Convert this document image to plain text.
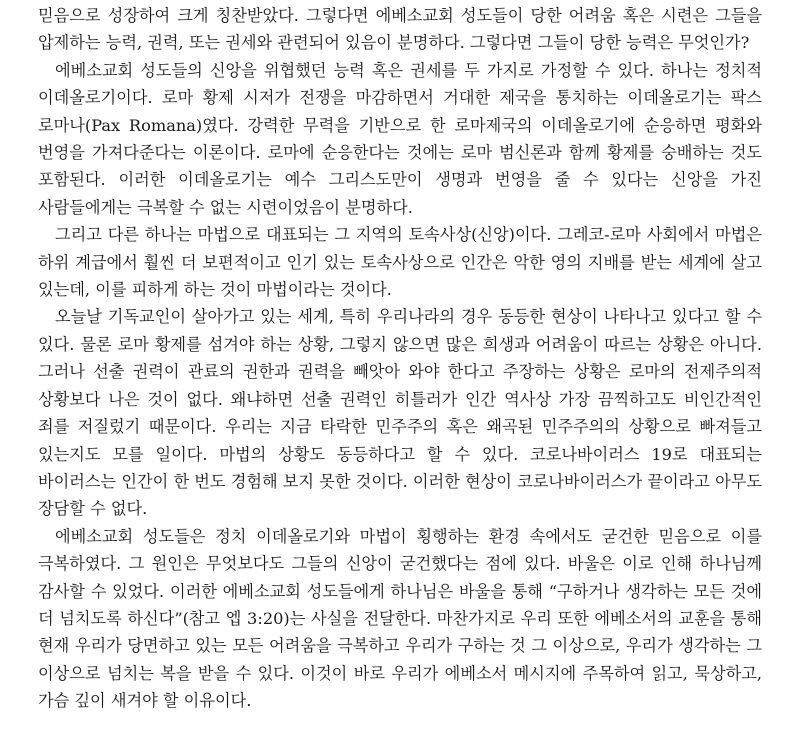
믿음으로 성장하여 크게 칭찬받았다. 그렇다면 에베소교회 성도들이 당한 어려움 혹은 시련은 그들을 압제하는 능력, 권력, 또는 권세와 관련되어 있음이 분명하다. 그렇다면 그들이 당한 능력은 무엇인가?

에베소교회 성도들의 신앙을 위협했던 능력 혹은 권세를 두 가지로 가정할 수 있다. 하나는 정치적 이데올로기이다. 로마 황제 시저가 전쟁을 마감하면서 거대한 제국을 통치하는 이데올로기는 팍스 로마나(Pax Romana)였다. 강력한 무력을 기반으로 한 로마제국의 이데올로기에 순응하면 평화와 번영을 가져다준다는 이론이다. 로마에 순응한다는 것에는 로마 범신론과 함께 황제를 숭배하는 것도 포함된다. 이러한 이데올로기는 예수 그리스도만이 생명과 번영을 줄 수 있다는 신앙을 가진 사람들에게는 극복할 수 없는 시련이었음이 분명하다.

그리고 다른 하나는 마법으로 대표되는 그 지역의 토속사상(신앙)이다. 그레코-로마 사회에서 마법은 하위 계급에서 훨씬 더 보편적이고 인기 있는 토속사상으로 인간은 악한 영의 지배를 받는 세계에 살고 있는데, 이를 피하게 하는 것이 마법이라는 것이다.

오늘날 기독교인이 살아가고 있는 세계, 특히 우리나라의 경우 동등한 현상이 나타나고 있다고 할 수 있다. 물론 로마 황제를 섬겨야 하는 상황, 그렇지 않으면 많은 희생과 어려움이 따르는 상황은 아니다. 그러나 선출 권력이 관료의 권한과 권력을 빼앗아 와야 한다고 주장하는 상황은 로마의 전제주의적 상황보다 나은 것이 없다. 왜냐하면 선출 권력인 히틀러가 인간 역사상 가장 끔찍하고도 비인간적인 죄를 저질렀기 때문이다. 우리는 지금 타락한 민주주의 혹은 왜곡된 민주주의의 상황으로 빠져들고 있는지도 모를 일이다. 마법의 상황도 동등하다고 할 수 있다. 코로나바이러스 19로 대표되는 바이러스는 인간이 한 번도 경험해 보지 못한 것이다. 이러한 현상이 코로나바이러스가 끝이라고 아무도 장담할 수 없다.

에베소교회 성도들은 정치 이데올로기와 마법이 횡행하는 환경 속에서도 굳건한 믿음으로 이를 극복하였다. 그 원인은 무엇보다도 그들의 신앙이 굳건했다는 점에 있다. 바울은 이로 인해 하나님께 감사할 수 있었다. 이러한 에베소교회 성도들에게 하나님은 바울을 통해 “구하거나 생각하는 모든 것에 더 넘치도록 하신다”(참고 엡 3:20)는 사실을 전달한다. 마찬가지로 우리 또한 에베소서의 교훈을 통해 현재 우리가 당면하고 있는 모든 어려움을 극복하고 우리가 구하는 것 그 이상으로, 우리가 생각하는 그 이상으로 넘치는 복을 받을 수 있다. 이것이 바로 우리가 에베소서 메시지에 주목하여 읽고, 묵상하고, 가슴 깊이 새겨야 할 이유이다.
